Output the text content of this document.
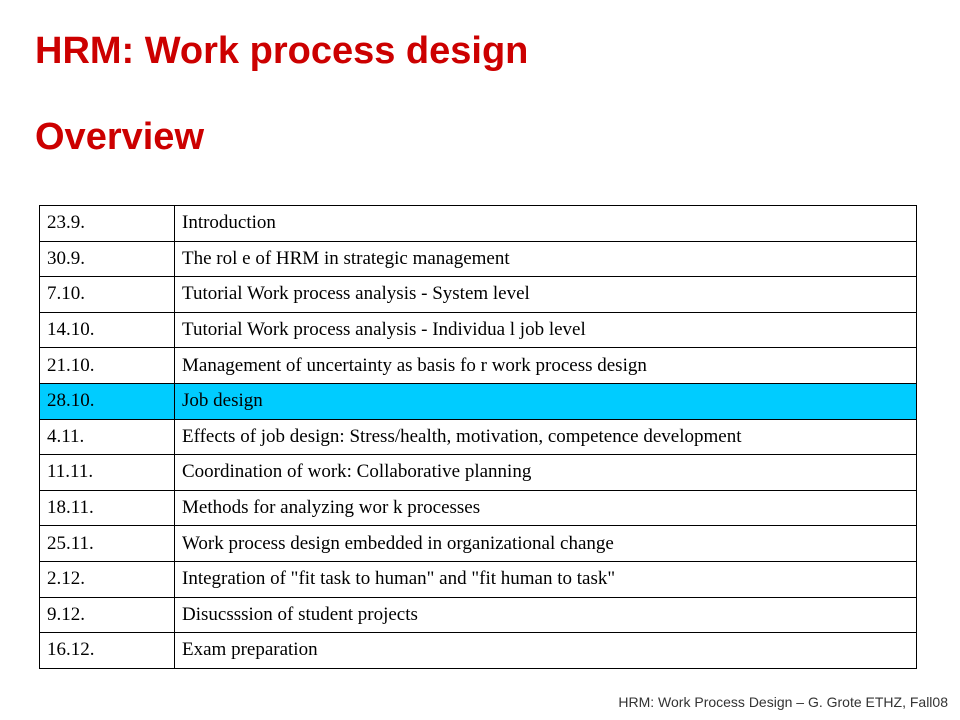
HRM: Work process design
Overview
23.9.	Introduction
30.9.	The rol e of HRM in strategic management
7.10.	Tutorial Work process analysis - System level
14.10.	Tutorial Work process analysis - Individua l job level
21.10.	Management of uncertainty as basis fo r work process design
28.10.	Job design
4.11.	Effects of job design: Stress/health, motivation, competence development
11.11.	Coordination of work: Collaborative planning
18.11.	Methods for analyzing wor k processes
25.11.	Work process design embedded in organizational change
2.12.	Integration of "fit task to human" and "fit human to task"
9.12.	Disucsssion of student projects
16.12.	Exam preparation
HRM: Work Process Design – G. Grote ETHZ, Fall08
